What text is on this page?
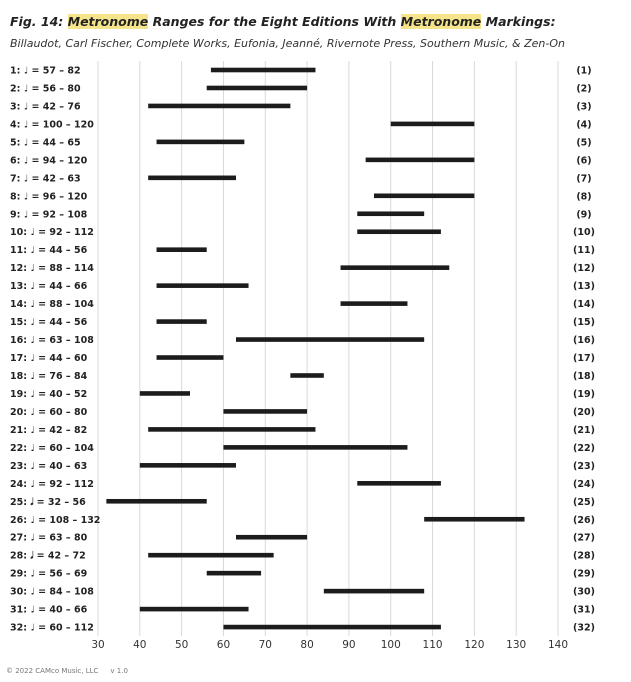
Fig. 14: Metronome Ranges for the Eight Editions With Metronome Markings:
Billaudot, Carl Fischer, Complete Works, Eufonia, Jeanné, Rivernote Press, Southern Music, & Zen-On
1: ♩ = 57 – 82	(1)
2: ♩ = 56 – 80	(2)
3: ♩ = 42 – 76	(3)
4: ♩ = 100 – 120	(4)
5: ♩ = 44 – 65	(5)
6: ♩ = 94 – 120	(6)
7: ♩ = 42 – 63	(7)
8: ♩ = 96 – 120	(8)
9: ♩ = 92 – 108	(9)
10: ♩ = 92 – 112	(10)
11: ♩ = 44 – 56	(11)
12: ♩ = 88 – 114	(12)
13: ♩ = 44 – 66	(13)
14: ♩ = 88 – 104	(14)
15: ♩ = 44 – 56	(15)
16: ♩ = 63 – 108	(16)
17: ♩ = 44 – 60	(17)
18: ♩ = 76 – 84	(18)
19: ♩ = 40 – 52	(19)
20: ♩ = 60 – 80	(20)
21: ♩ = 42 – 82	(21)
22: ♩ = 60 – 104	(22)
23: ♩ = 40 – 63	(23)
24: ♩ = 92 – 112	(24)
25: 𝅗𝅥 = 32 – 56	(25)
26: ♩ = 108 – 132	(26)
27: ♩ = 63 – 80	(27)
28: 𝅗𝅥 = 42 – 72	(28)
29: ♩ = 56 – 69	(29)
30: ♩ = 84 – 108	(30)
31: ♩ = 40 – 66	(31)
32: ♩ = 60 – 112	(32)
30	40	50	60	70	80	90 100 110 120 130 140
© 2022 CAMco Music, LLC v 1.0
